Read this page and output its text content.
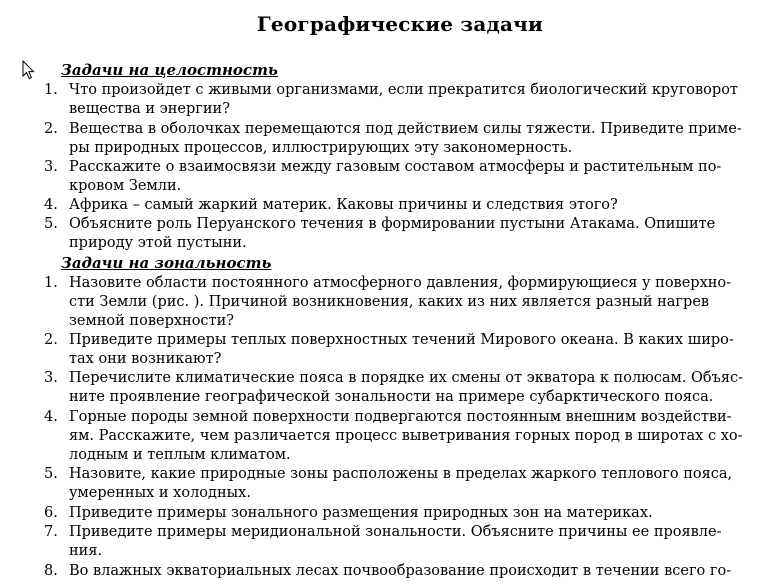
Географические задачи
Задачи на целостность
1. Что произойдет с живыми организмами, если прекратится биологический круговорот
вещества и энергии?
2. Вещества в оболочках перемещаются под действием силы тяжести. Приведите приме-
ры природных процессов, иллюстрирующих эту закономерность.
3. Расскажите о взаимосвязи между газовым составом атмосферы и растительным по-
кровом Земли.
4. Африка – самый жаркий материк. Каковы причины и следствия этого?
5. Объясните роль Перуанского течения в формировании пустыни Атакама. Опишите
природу этой пустыни.
Задачи на зональность
1. Назовите области постоянного атмосферного давления, формирующиеся у поверхно-
сти Земли (рис. ). Причиной возникновения, каких из них является разный нагрев
земной поверхности?
2. Приведите примеры теплых поверхностных течений Мирового океана. В каких широ-
тах они возникают?
3. Перечислите климатические пояса в порядке их смены от экватора к полюсам. Объяс-
ните проявление географической зональности на примере субарктического пояса.
4. Горные породы земной поверхности подвергаются постоянным внешним воздействи-
ям. Расскажите, чем различается процесс выветривания горных пород в широтах с хо-
лодным и теплым климатом.
5. Назовите, какие природные зоны расположены в пределах жаркого теплового пояса,
умеренных и холодных.
6. Приведите примеры зонального размещения природных зон на материках.
7. Приведите примеры меридиональной зональности. Объясните причины ее проявле-
ния.
8. Во влажных экваториальных лесах почвообразование происходит в течении всего го-
